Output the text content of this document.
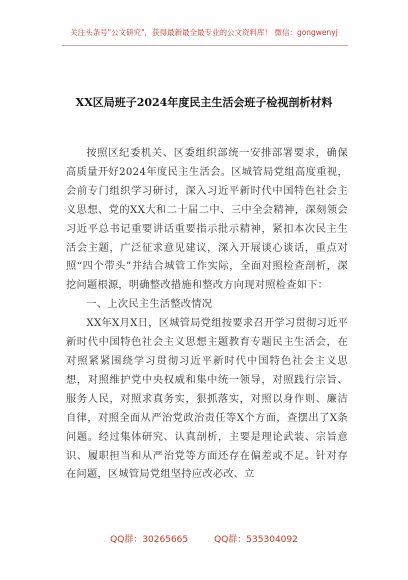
关注头条号"公文研究"，获得最新最全最专业的公文资料库！ 微信：gongwenyj
XX区局班子2024年度民主生活会班子检视剖析材料

按照区纪委机关、区委组织部统一安排部署要求，确保高质量开好2024年度民主生活会。区城管局党组高度重视，会前专门组织学习研讨，深入习近平新时代中国特色社会主义思想、党的XX大和二十届二中、三中全会精神，深刻领会习近平总书记重要讲话重要指示批示精神，紧扣本次民主生活会主题，广泛征求意见建议，深入开展谈心谈话，重点对照“四个带头”并结合城管工作实际，全面对照检查剖析，深挖问题根源，明确整改措施和整改方向现对照检查如下：

一、上次民主生活整改情况

XX年X月X日，区城管局党组按要求召开学习贯彻习近平新时代中国特色社会主义思想主题教育专题民主生活会，在对照紧紧围绕学习贯彻习近平新时代中国特色社会主义思想，对照维护党中央权威和集中统一领导，对照践行宗旨、服务人民，对照求真务实，狠抓落实，对照以身作则、廉洁自律，对照全面从严治党政治责任等X个方面，查摆出了X条问题。经过集体研究、认真剖析，主要是理论武装、宗旨意识、履职担当和从严治党等方面还存在偏差或不足。针对存在问题，区城管局党组坚持应改必改、立

QQ群：30265665	QQ群：535304092
